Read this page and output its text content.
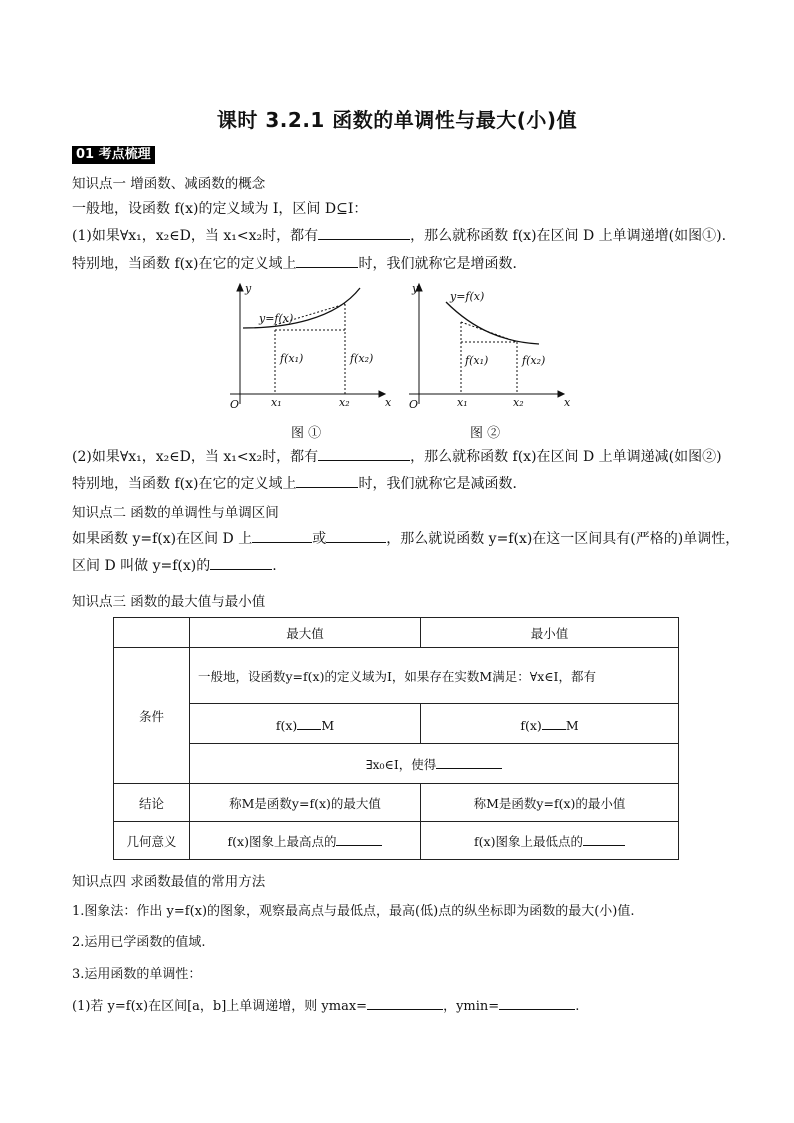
课时 3.2.1 函数的单调性与最大(小)值
01 考点梳理
知识点一 增函数、减函数的概念
一般地，设函数 f(x)的定义域为 I，区间 D⊆I：
(1)如果∀x₁，x₂∈D，当 x₁<x₂时，都有	，那么就称函数 f(x)在区间 D 上单调递增(如图①).
特别地，当函数 f(x)在它的定义域上	时，我们就称它是增函数．
y
x
O
y=f(x)
f(x₁)	f(x₂)
x₁	x₂
图 ①
y
x
O
y=f(x)
f(x₁)	f(x₂)
x₁	x₂
图 ②
(2)如果∀x₁，x₂∈D，当 x₁<x₂时，都有	，那么就称函数 f(x)在区间 D 上单调递减(如图②)
特别地，当函数 f(x)在它的定义域上	时，我们就称它是减函数．
知识点二 函数的单调性与单调区间
如果函数 y=f(x)在区间 D 上	或	，那么就说函数 y=f(x)在这一区间具有(严格的)单调性，
区间 D 叫做 y=f(x)的	.
知识点三 函数的最大值与最小值
	最大值	最小值
条件	一般地，设函数y=f(x)的定义域为I，如果存在实数M满足：∀x∈I，都有	
	f(x) M	f(x) M
	∃x₀∈I，使得	
结论	称M是函数y=f(x)的最大值	称M是函数y=f(x)的最小值
几何意义	f(x)图象上最高点的	f(x)图象上最低点的
知识点四 求函数最值的常用方法
1.图象法：作出 y=f(x)的图象，观察最高点与最低点，最高(低)点的纵坐标即为函数的最大(小)值.
2.运用已学函数的值域.
3.运用函数的单调性：
(1)若 y=f(x)在区间[a，b]上单调递增，则 ymax=	，ymin=	.
